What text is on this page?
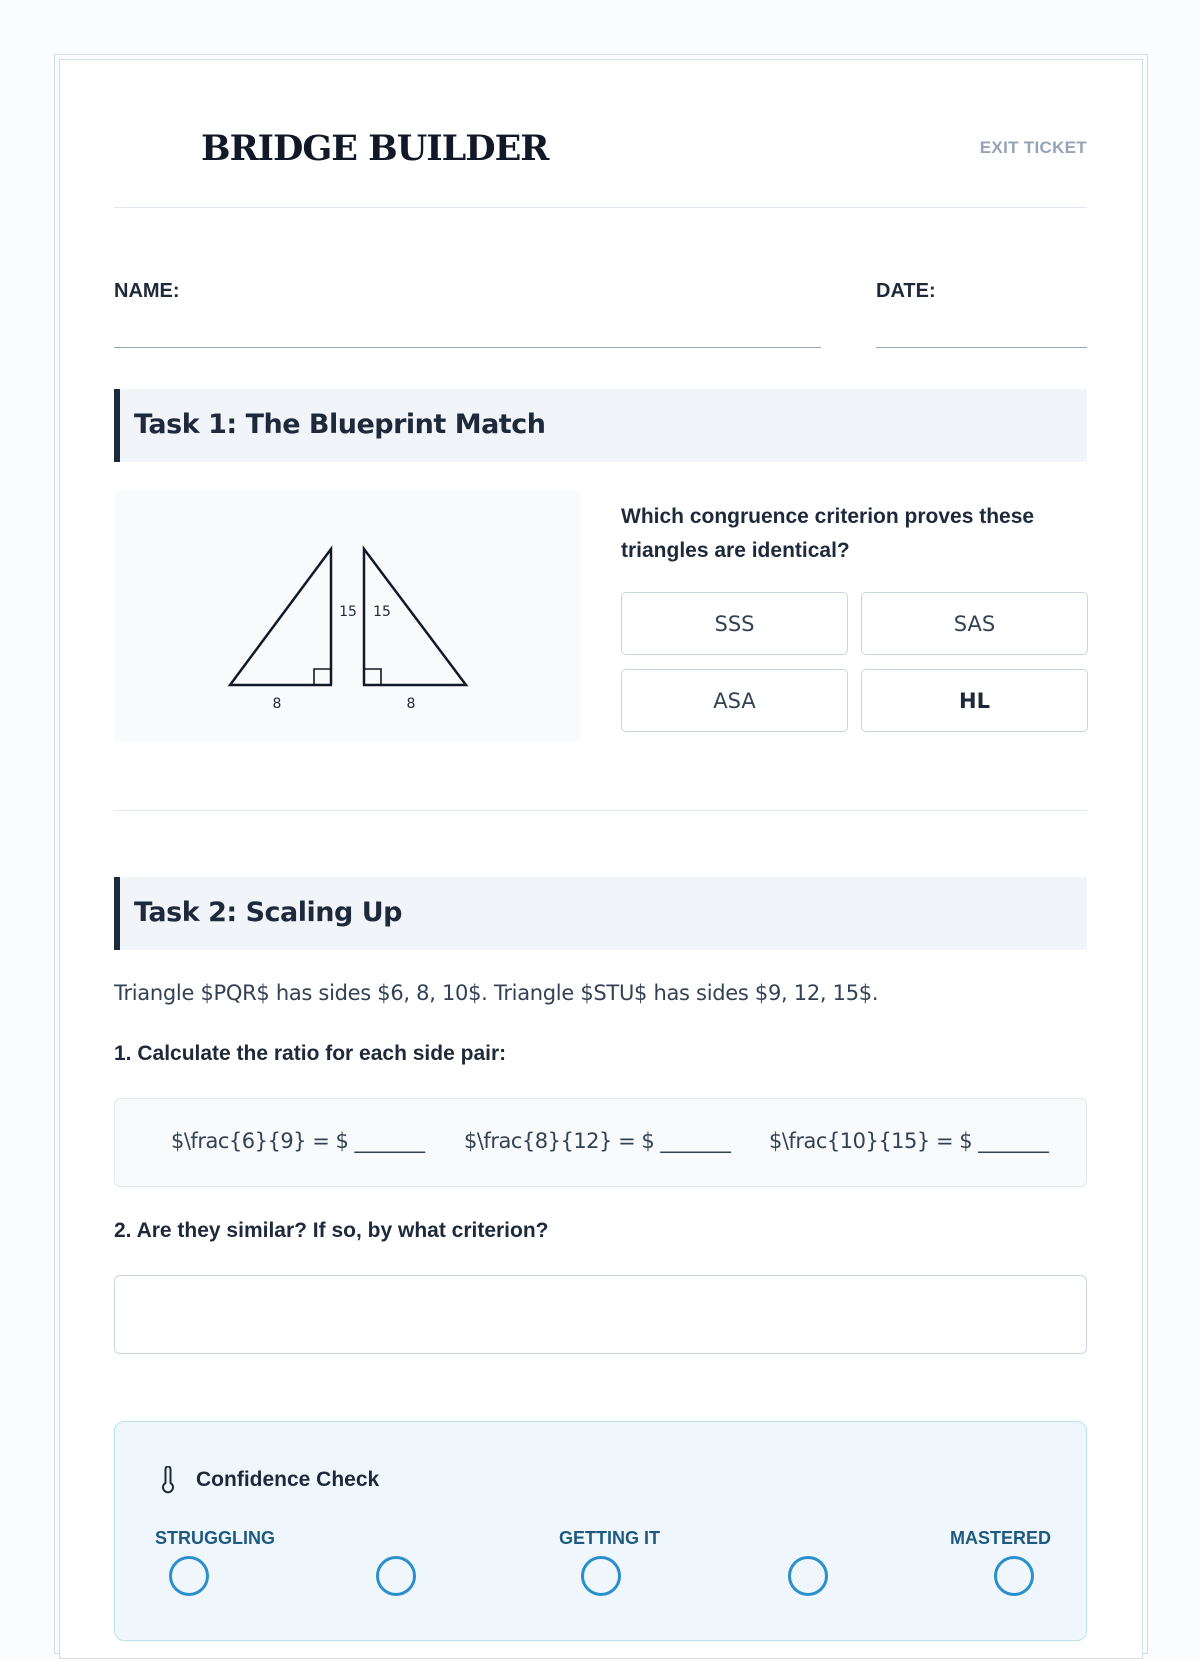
BRIDGE BUILDER	EXIT TICKET
NAME:	DATE:
Task 1: The Blueprint Match
15 15
8	8
Which congruence criterion proves these triangles are identical?
SSS	SAS
ASA	HL
Task 2: Scaling Up
Triangle $PQR$ has sides $6, 8, 10$. Triangle $STU$ has sides $9, 12, 15$.
1. Calculate the ratio for each side pair:
$\frac{6}{9} = $ _______ $\frac{8}{12} = $ _______ $\frac{10}{15} = $ _______
2. Are they similar? If so, by what criterion?
Confidence Check
STRUGGLING	GETTING IT	MASTERED
